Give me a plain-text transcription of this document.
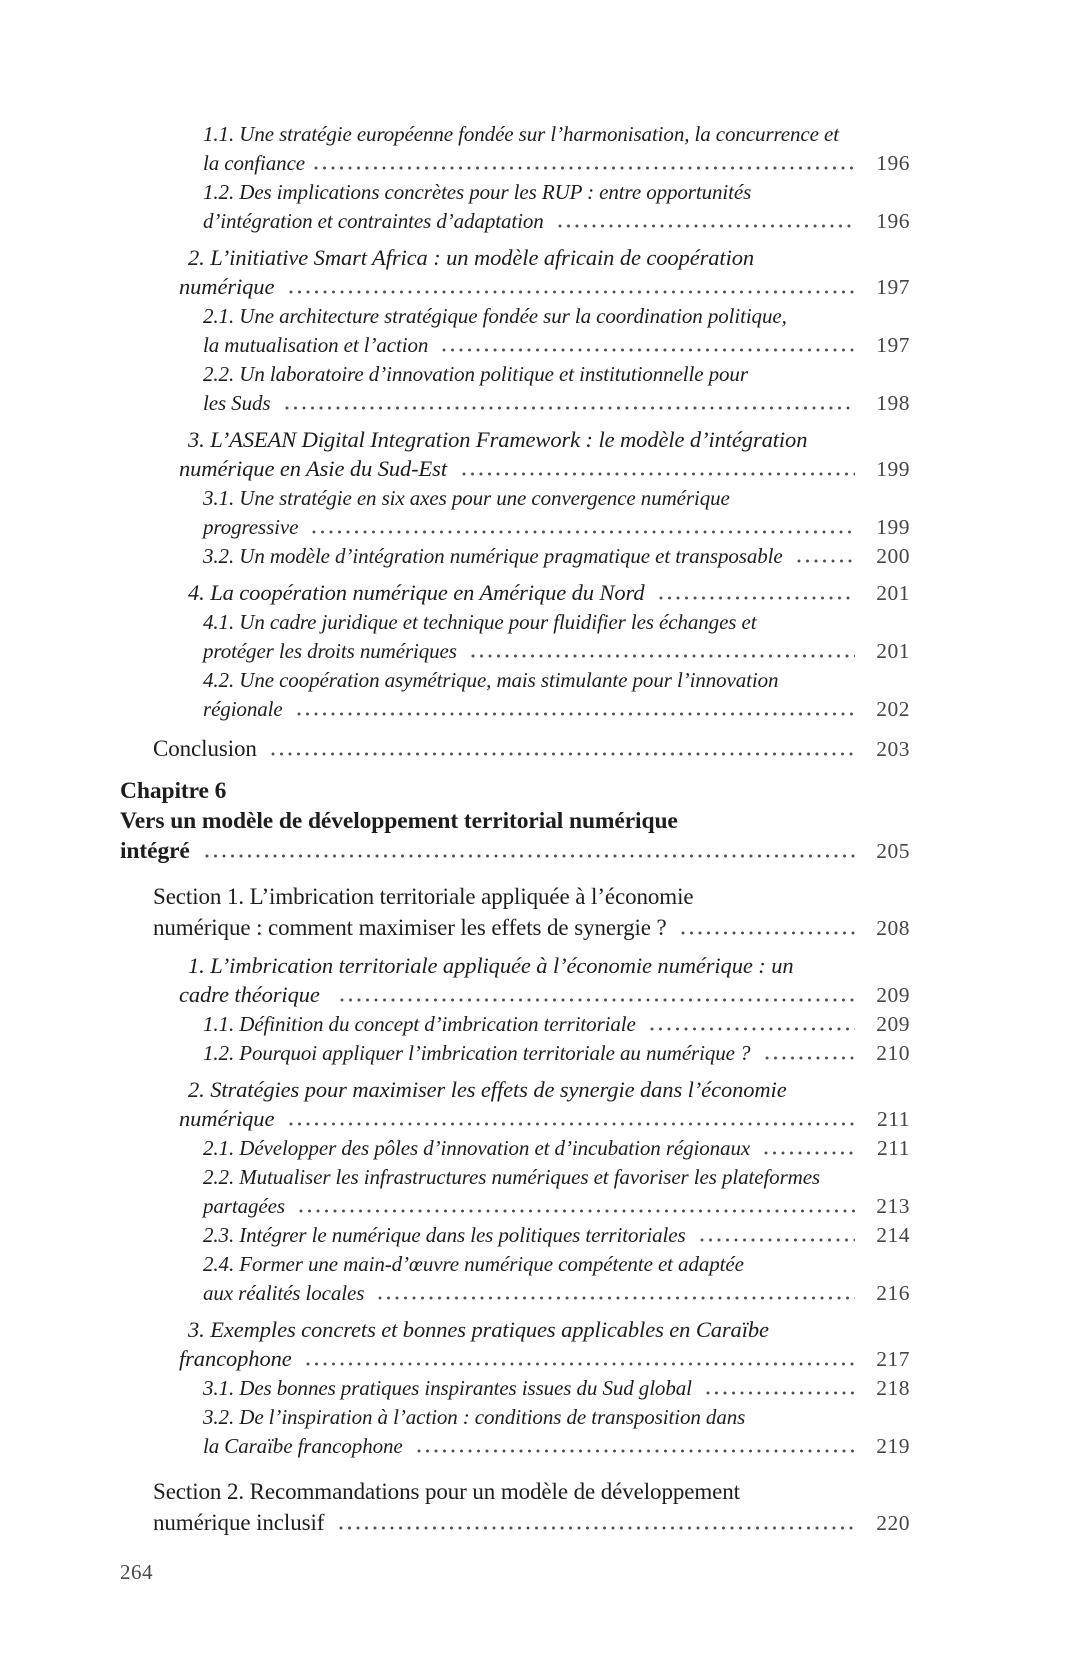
1.1. Une stratégie européenne fondée sur l’harmonisation, la concurrence et
la confiance	196
1.2. Des implications concrètes pour les RUP : entre opportunités
d’intégration et contraintes d’adaptation	196
2. L’initiative Smart Africa : un modèle africain de coopération
numérique	197
2.1. Une architecture stratégique fondée sur la coordination politique,
la mutualisation et l’action	197
2.2. Un laboratoire d’innovation politique et institutionnelle pour
les Suds	198
3. L’ASEAN Digital Integration Framework : le modèle d’intégration
numérique en Asie du Sud-Est	199
3.1. Une stratégie en six axes pour une convergence numérique
progressive	199
3.2. Un modèle d’intégration numérique pragmatique et transposable	200
4. La coopération numérique en Amérique du Nord	201
4.1. Un cadre juridique et technique pour fluidifier les échanges et
protéger les droits numériques	201
4.2. Une coopération asymétrique, mais stimulante pour l’innovation
régionale	202
Conclusion	203
Chapitre 6
Vers un modèle de développement territorial numérique
intégré	205
Section 1. L’imbrication territoriale appliquée à l’économie
numérique : comment maximiser les effets de synergie ?	208
1. L’imbrication territoriale appliquée à l’économie numérique : un
cadre théorique	209
1.1. Définition du concept d’imbrication territoriale	209
1.2. Pourquoi appliquer l’imbrication territoriale au numérique ?	210
2. Stratégies pour maximiser les effets de synergie dans l’économie
numérique	211
2.1. Développer des pôles d’innovation et d’incubation régionaux	211
2.2. Mutualiser les infrastructures numériques et favoriser les plateformes
partagées	213
2.3. Intégrer le numérique dans les politiques territoriales	214
2.4. Former une main-d’œuvre numérique compétente et adaptée
aux réalités locales	216
3. Exemples concrets et bonnes pratiques applicables en Caraïbe
francophone	217
3.1. Des bonnes pratiques inspirantes issues du Sud global	218
3.2. De l’inspiration à l’action : conditions de transposition dans
la Caraïbe francophone	219
Section 2. Recommandations pour un modèle de développement
numérique inclusif	220
264
